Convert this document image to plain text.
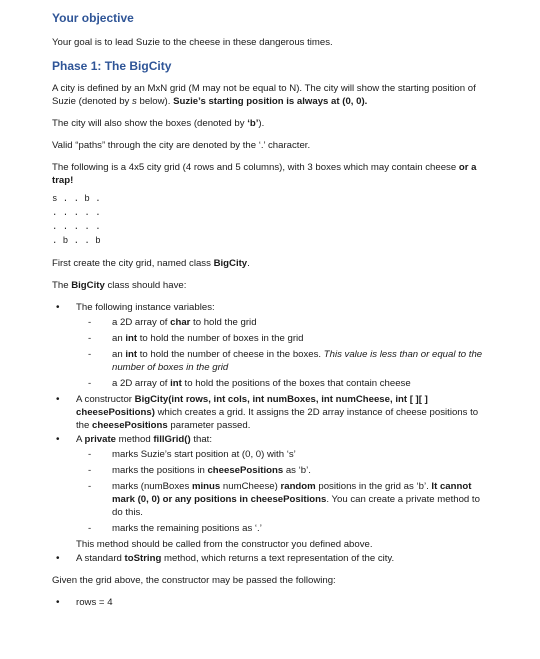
Your objective

Your goal is to lead Suzie to the cheese in these dangerous times.

Phase 1: The BigCity

A city is defined by an MxN grid (M may not be equal to N). The city will show the starting position of Suzie (denoted by s below). Suzie’s starting position is always at (0, 0).

The city will also show the boxes (denoted by ‘b’).

Valid “paths” through the city are denoted by the ‘.’ character.

The following is a 4x5 city grid (4 rows and 5 columns), with 3 boxes which may contain cheese or a trap!

s . . b .
. . . . .
. . . . .
. b . . b

First create the city grid, named class BigCity.

The BigCity class should have:

• The following instance variables:
- a 2D array of char to hold the grid
- an int to hold the number of boxes in the grid
- an int to hold the number of cheese in the boxes. This value is less than or equal to the number of boxes in the grid
- a 2D array of int to hold the positions of the boxes that contain cheese
• A constructor BigCity(int rows, int cols, int numBoxes, int numCheese, int [ ][ ] cheesePositions) which creates a grid. It assigns the 2D array instance of cheese positions to the cheesePositions parameter passed.
• A private method fillGrid() that:
- marks Suzie’s start position at (0, 0) with ‘s’
- marks the positions in cheesePositions as ‘b’.
- marks (numBoxes minus numCheese) random positions in the grid as ‘b’. It cannot mark (0, 0) or any positions in cheesePositions. You can create a private method to do this.
- marks the remaining positions as ‘.’
This method should be called from the constructor you defined above.
• A standard toString method, which returns a text representation of the city.

Given the grid above, the constructor may be passed the following:

• rows = 4
